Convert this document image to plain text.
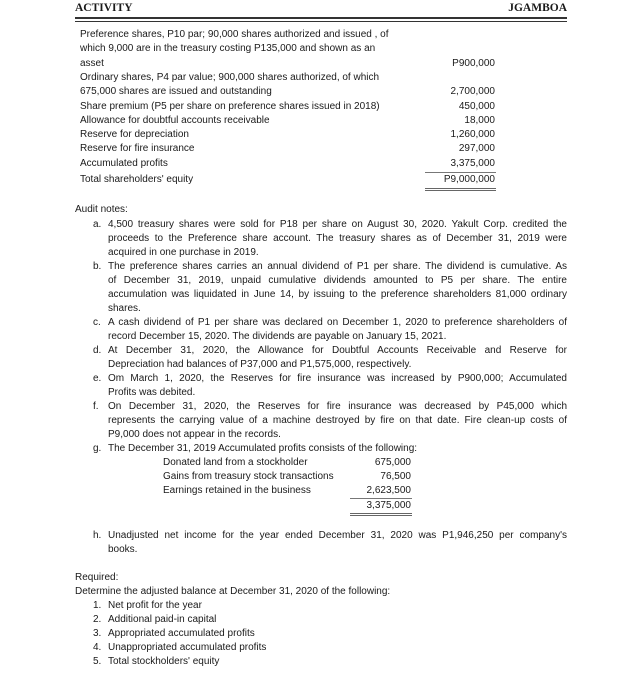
ACTIVITY	JGAMBOA
Preference shares, P10 par; 90,000 shares authorized and issued , of
which 9,000 are in the treasury costing P135,000 and shown as an
asset	P900,000
Ordinary shares, P4 par value; 900,000 shares authorized, of which
675,000 shares are issued and outstanding	2,700,000
Share premium (P5 per share on preference shares issued in 2018)	450,000
Allowance for doubtful accounts receivable	18,000
Reserve for depreciation	1,260,000
Reserve for fire insurance	297,000
Accumulated profits	3,375,000
Total shareholders' equity	P9,000,000
Audit notes:
a. 4,500 treasury shares were sold for P18 per share on August 30, 2020. Yakult Corp. credited the
proceeds to the Preference share account. The treasury shares as of December 31, 2019 were
acquired in one purchase in 2019.
b. The preference shares carries an annual dividend of P1 per share. The dividend is cumulative. As
of December 31, 2019, unpaid cumulative dividends amounted to P5 per share. The entire
accumulation was liquidated in June 14, by issuing to the preference shareholders 81,000 ordinary
shares.
c. A cash dividend of P1 per share was declared on December 1, 2020 to preference shareholders of
record December 15, 2020. The dividends are payable on January 15, 2021.
d. At December 31, 2020, the Allowance for Doubtful Accounts Receivable and Reserve for
Depreciation had balances of P37,000 and P1,575,000, respectively.
e. Om March 1, 2020, the Reserves for fire insurance was increased by P900,000; Accumulated
Profits was debited.
f. On December 31, 2020, the Reserves for fire insurance was decreased by P45,000 which
represents the carrying value of a machine destroyed by fire on that date. Fire clean-up costs of
P9,000 does not appear in the records.
g. The December 31, 2019 Accumulated profits consists of the following:
Donated land from a stockholder	675,000
Gains from treasury stock transactions	76,500
Earnings retained in the business	2,623,500
3,375,000
h. Unadjusted net income for the year ended December 31, 2020 was P1,946,250 per company's
books.
Required:
Determine the adjusted balance at December 31, 2020 of the following:
1. Net profit for the year
2. Additional paid-in capital
3. Appropriated accumulated profits
4. Unappropriated accumulated profits
5. Total stockholders' equity
